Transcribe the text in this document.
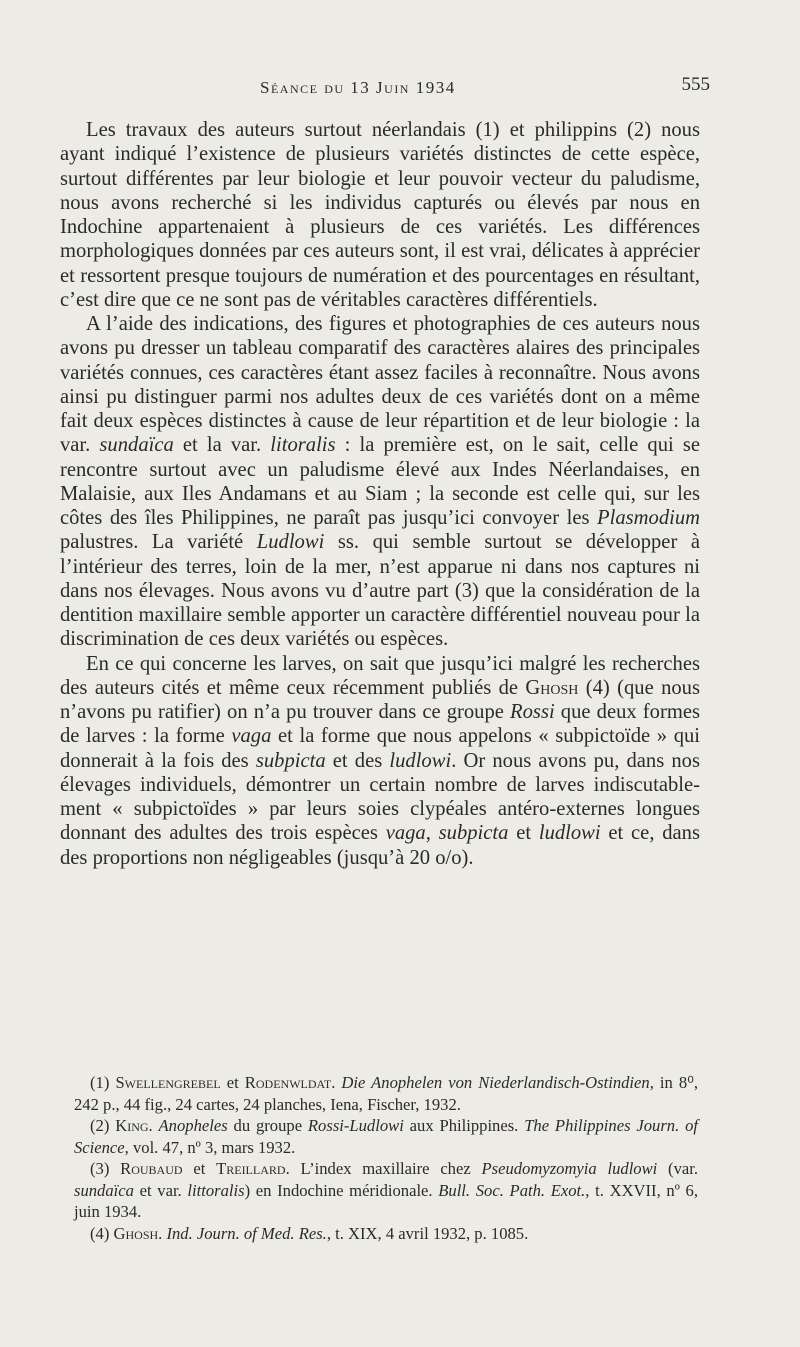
Séance du 13 Juin 1934	555

Les travaux des auteurs surtout néerlandais (1) et philippins (2) nous ayant indiqué l’existence de plusieurs variétés distinctes de cette espèce, surtout différentes par leur biologie et leur pouvoir vecteur du paludisme, nous avons recherché si les individus capturés ou élevés par nous en Indochine appartenaient à plusieurs de ces variétés. Les différences morphologiques données par ces auteurs sont, il est vrai, délicates à apprécier et ressortent presque toujours de numération et des pourcentages en résultant, c’est dire que ce ne sont pas de véritables caractères différentiels.

A l’aide des indications, des figures et photographies de ces auteurs nous avons pu dresser un tableau comparatif des caractères alaires des principales variétés connues, ces caractères étant assez faciles à reconnaître. Nous avons ainsi pu distinguer parmi nos adultes deux de ces variétés dont on a même fait deux espèces distinctes à cause de leur répartition et de leur biologie : la var. sundaïca et la var. litoralis : la première est, on le sait, celle qui se rencontre surtout avec un paludisme élevé aux Indes Néerlandaises, en Malaisie, aux Iles Andamans et au Siam ; la seconde est celle qui, sur les côtes des îles Philippines, ne paraît pas jusqu’ici convoyer les Plasmodium palustres. La variété Ludlowi ss. qui semble surtout se développer à l’intérieur des terres, loin de la mer, n’est apparue ni dans nos captures ni dans nos élevages. Nous avons vu d’autre part (3) que la considération de la dentition maxillaire semble apporter un caractère différentiel nouveau pour la discrimination de ces deux variétés ou espèces.

En ce qui concerne les larves, on sait que jusqu’ici malgré les recherches des auteurs cités et même ceux récemment publiés de Ghosh (4) (que nous n’avons pu ratifier) on n’a pu trouver dans ce groupe Rossi que deux formes de larves : la forme vaga et la forme que nous appelons « subpictoïde » qui donnerait à la fois des subpicta et des ludlowi. Or nous avons pu, dans nos élevages individuels, démontrer un certain nombre de larves indiscutablement « subpictoïdes » par leurs soies clypéales antéro-externes longues donnant des adultes des trois espèces vaga, subpicta et ludlowi et ce, dans des proportions non négligeables (jusqu’à 20 o/o).

(1) Swellengrebel et Rodenwldat. Die Anophelen von Niederlandisch-Ostindien, in 8⁰, 242 p., 44 fig., 24 cartes, 24 planches, Iena, Fischer, 1932.

(2) King. Anopheles du groupe Rossi-Ludlowi aux Philippines. The Philippines Journ. of Science, vol. 47, nº 3, mars 1932.

(3) Roubaud et Treillard. L’index maxillaire chez Pseudomyzomyia ludlowi (var. sundaïca et var. littoralis) en Indochine méridionale. Bull. Soc. Path. Exot., t. XXVII, nº 6, juin 1934.

(4) Ghosh. Ind. Journ. of Med. Res., t. XIX, 4 avril 1932, p. 1085.
